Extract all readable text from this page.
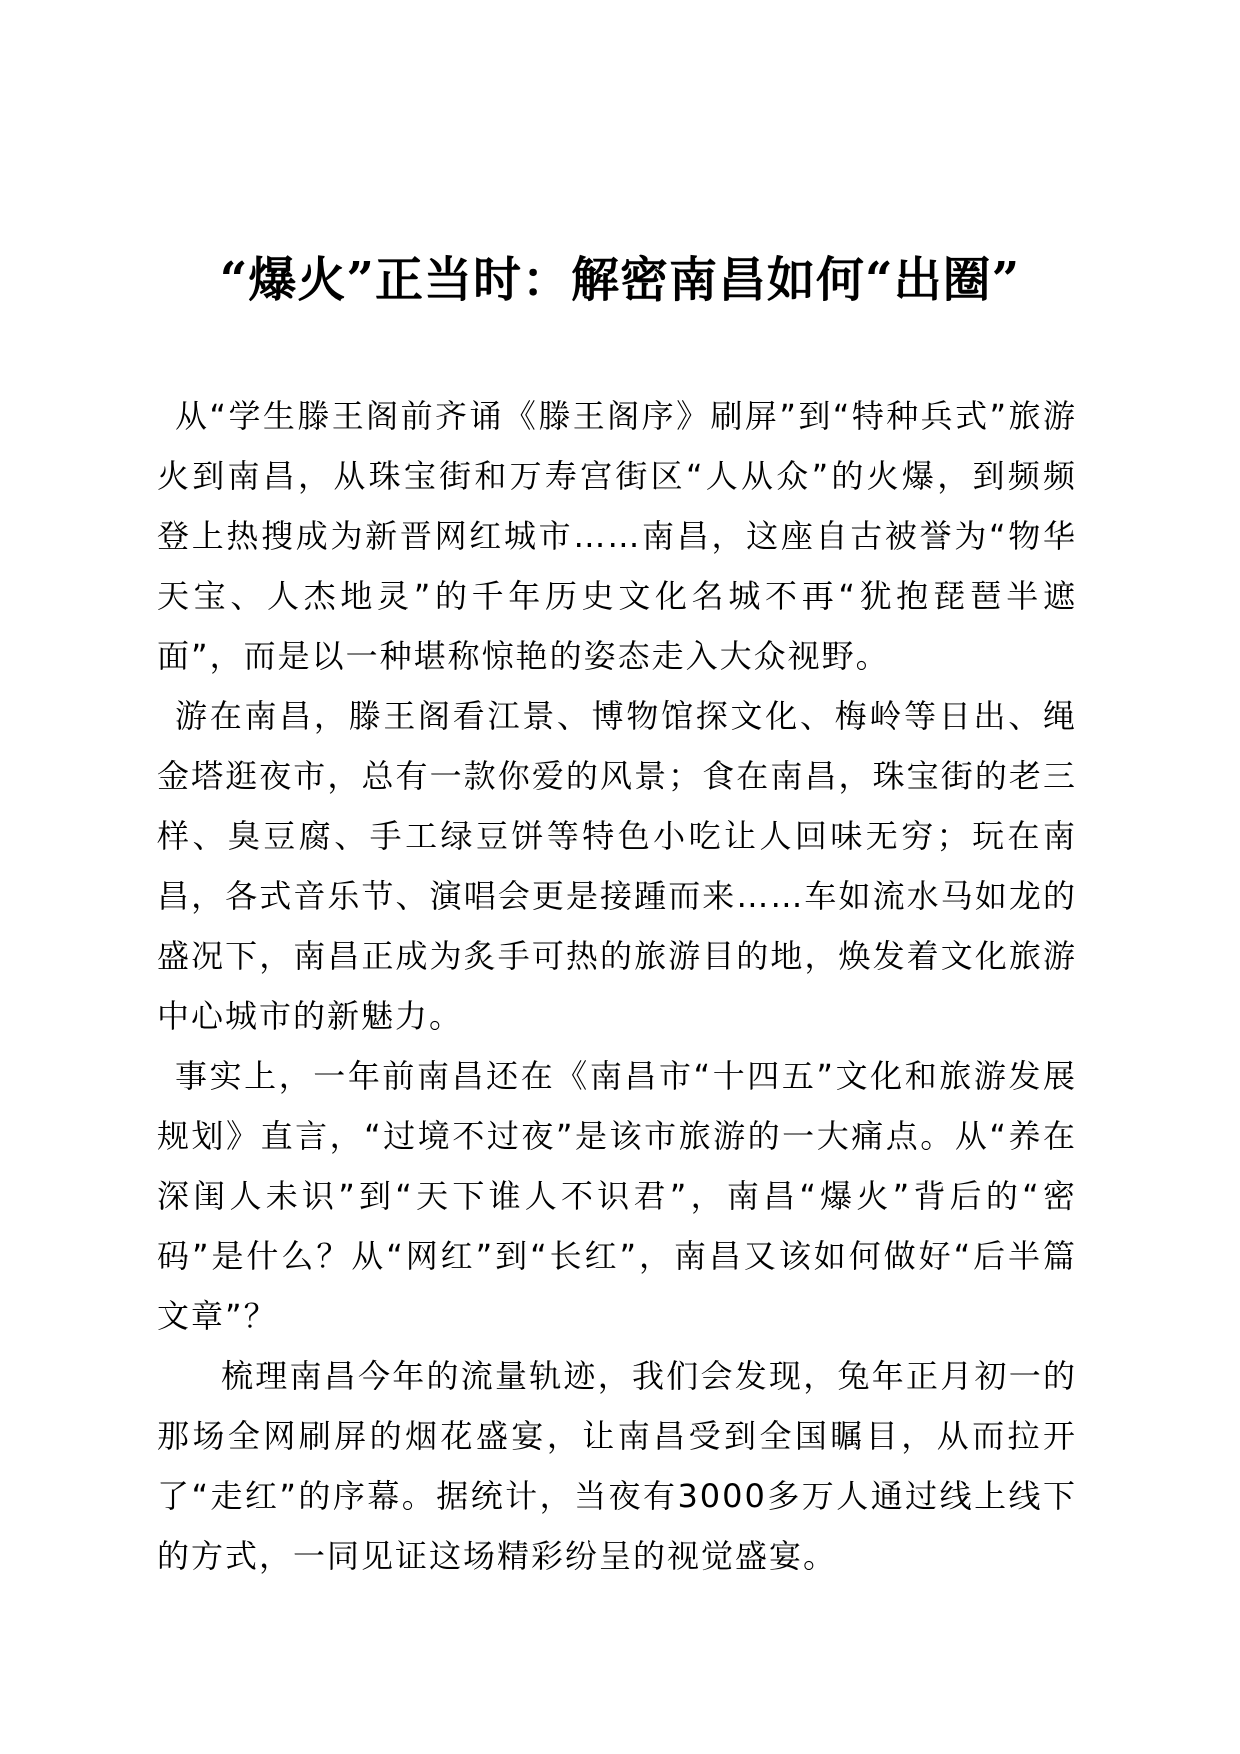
“爆火”正当时：解密南昌如何“出圈”

从“学生滕王阁前齐诵《滕王阁序》刷屏”到“特种兵式”旅游火到南昌，从珠宝街和万寿宫街区“人从众”的火爆，到频频登上热搜成为新晋网红城市……南昌，这座自古被誉为“物华天宝、人杰地灵”的千年历史文化名城不再“犹抱琵琶半遮面”，而是以一种堪称惊艳的姿态走入大众视野。

游在南昌，滕王阁看江景、博物馆探文化、梅岭等日出、绳金塔逛夜市，总有一款你爱的风景；食在南昌，珠宝街的老三样、臭豆腐、手工绿豆饼等特色小吃让人回味无穷；玩在南昌，各式音乐节、演唱会更是接踵而来……车如流水马如龙的盛况下，南昌正成为炙手可热的旅游目的地，焕发着文化旅游中心城市的新魅力。

事实上，一年前南昌还在《南昌市“十四五”文化和旅游发展规划》直言，“过境不过夜”是该市旅游的一大痛点。从“养在深闺人未识”到“天下谁人不识君”，南昌“爆火”背后的“密码”是什么？从“网红”到“长红”，南昌又该如何做好“后半篇文章”？

梳理南昌今年的流量轨迹，我们会发现，兔年正月初一的那场全网刷屏的烟花盛宴，让南昌受到全国瞩目，从而拉开了“走红”的序幕。据统计，当夜有3000多万人通过线上线下的方式，一同见证这场精彩纷呈的视觉盛宴。
